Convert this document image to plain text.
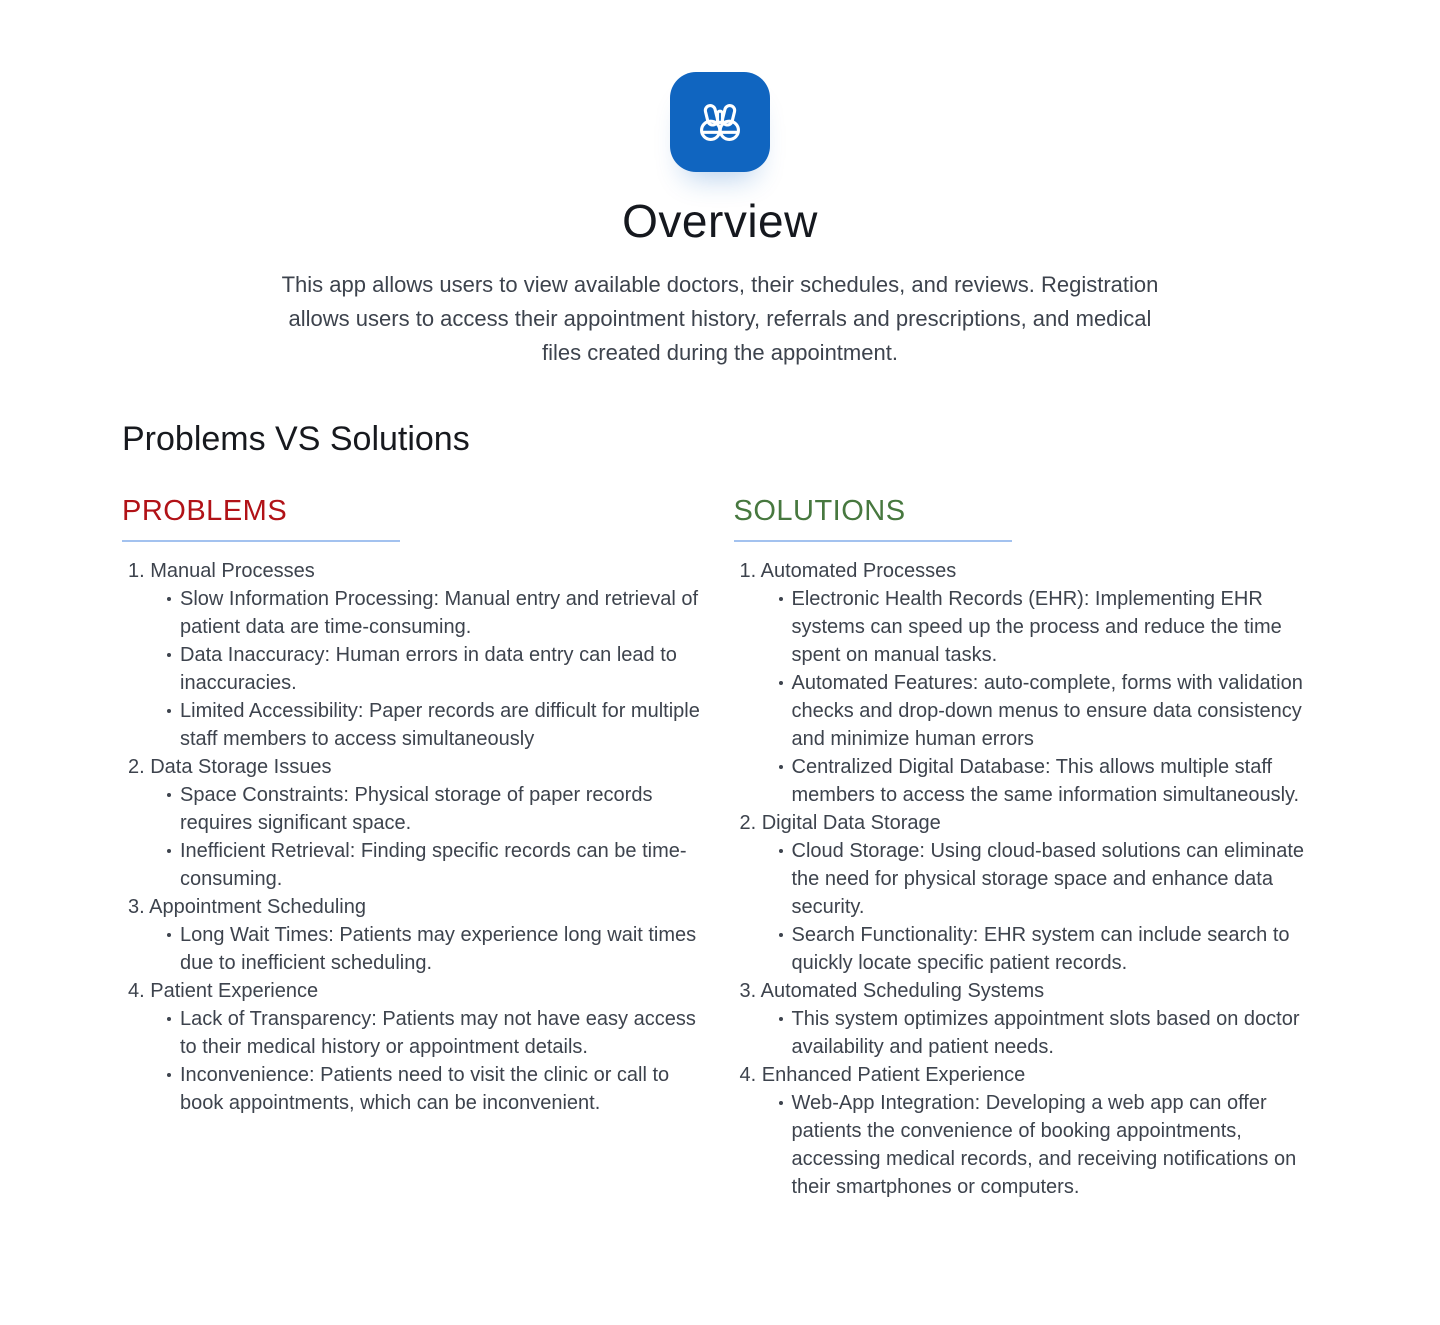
Overview

This app allows users to view available doctors, their schedules, and reviews. Registration allows users to access their appointment history, referrals and prescriptions, and medical files created during the appointment.

Problems VS Solutions
PROBLEMS
1. Manual Processes
Slow Information Processing: Manual entry and retrieval of patient data are time-consuming.
Data Inaccuracy: Human errors in data entry can lead to inaccuracies.
Limited Accessibility: Paper records are difficult for multiple staff members to access simultaneously
2. Data Storage Issues
Space Constraints: Physical storage of paper records requires significant space.
Inefficient Retrieval: Finding specific records can be time-consuming.
3. Appointment Scheduling
Long Wait Times: Patients may experience long wait times due to inefficient scheduling.
4. Patient Experience
Lack of Transparency: Patients may not have easy access to their medical history or appointment details.
Inconvenience: Patients need to visit the clinic or call to book appointments, which can be inconvenient.
SOLUTIONS
1. Automated Processes
Electronic Health Records (EHR): Implementing EHR systems can speed up the process and reduce the time spent on manual tasks.
Automated Features: auto-complete, forms with validation checks and drop-down menus to ensure data consistency and minimize human errors
Centralized Digital Database: This allows multiple staff members to access the same information simultaneously.
2. Digital Data Storage
Cloud Storage: Using cloud-based solutions can eliminate the need for physical storage space and enhance data security.
Search Functionality: EHR system can include search to quickly locate specific patient records.
3. Automated Scheduling Systems
This system optimizes appointment slots based on doctor availability and patient needs.
4. Enhanced Patient Experience
Web-App Integration: Developing a web app can offer patients the convenience of booking appointments, accessing medical records, and receiving notifications on their smartphones or computers.
